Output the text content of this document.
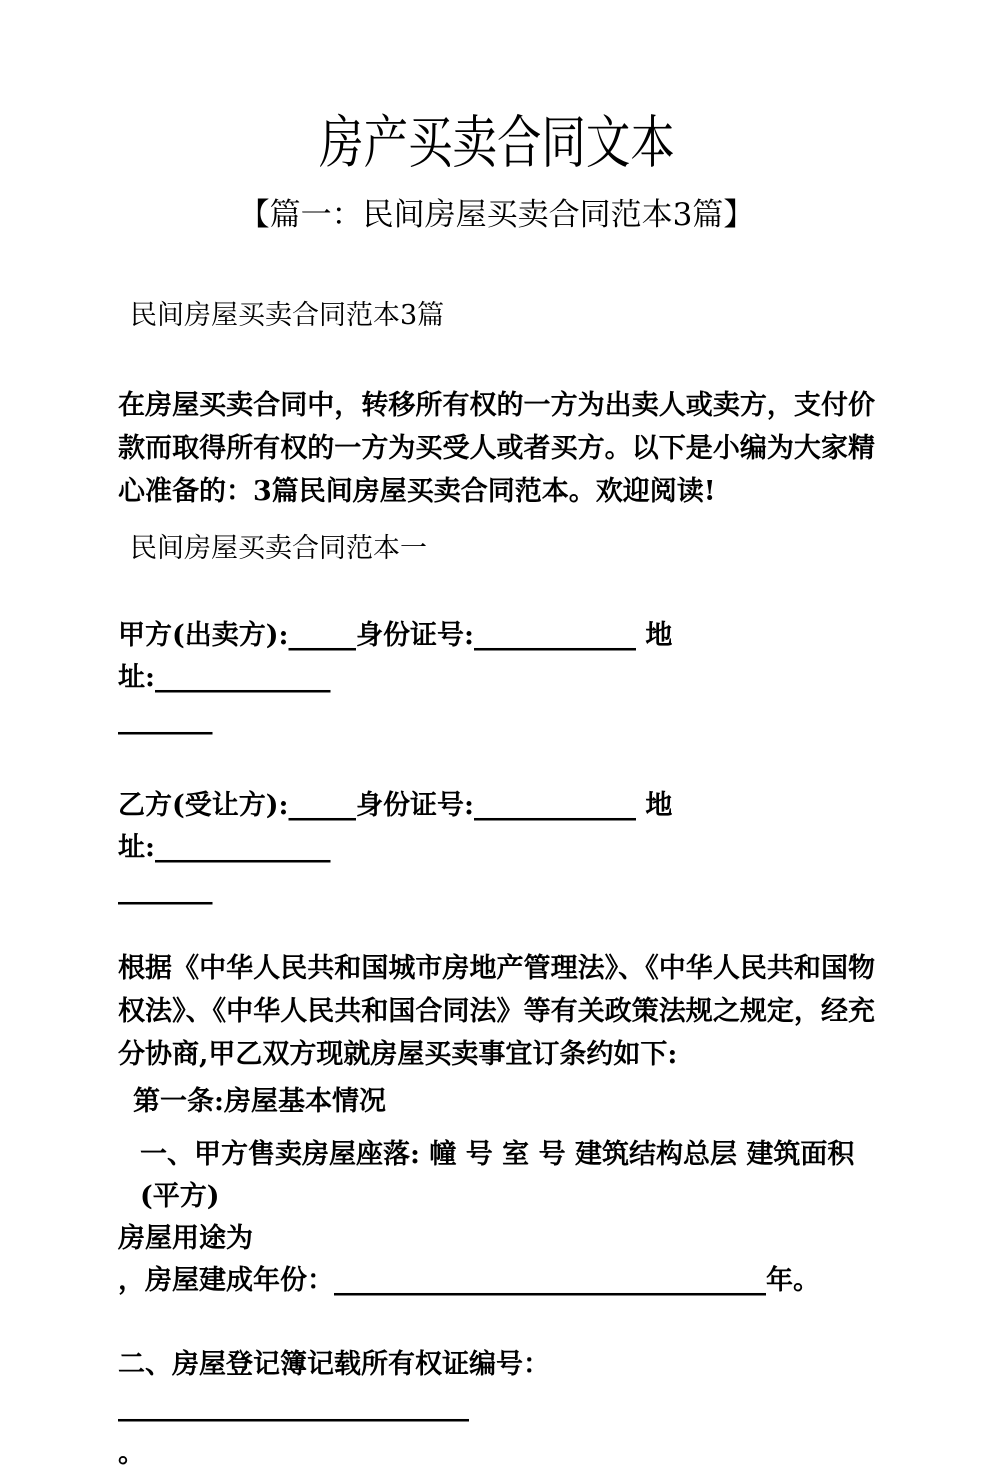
房产买卖合同文本
【篇一：民间房屋买卖合同范本3篇】

民间房屋买卖合同范本3篇

在房屋买卖合同中，转移所有权的一方为出卖人或卖方，支付价款而取得所有权的一方为买受人或者买方。以下是小编为大家精心准备的：3篇民间房屋买卖合同范本。欢迎阅读!

民间房屋买卖合同范本一

甲方(出卖方):_____身份证号:____________ 地址:_____________

_______

乙方(受让方):_____身份证号:____________ 地址:_____________

_______

根据《中华人民共和国城市房地产管理法》、《中华人民共和国物权法》、《中华人民共和国合同法》等有关政策法规之规定，经充分协商,甲乙双方现就房屋买卖事宜订条约如下:

第一条:房屋基本情况

一、甲方售卖房屋座落: 幢 号 室 号 建筑结构总层 建筑面积(平方)

房屋用途为

，房屋建成年份：________________________________年。

二、房屋登记簿记载所有权证编号：__________________________

。
